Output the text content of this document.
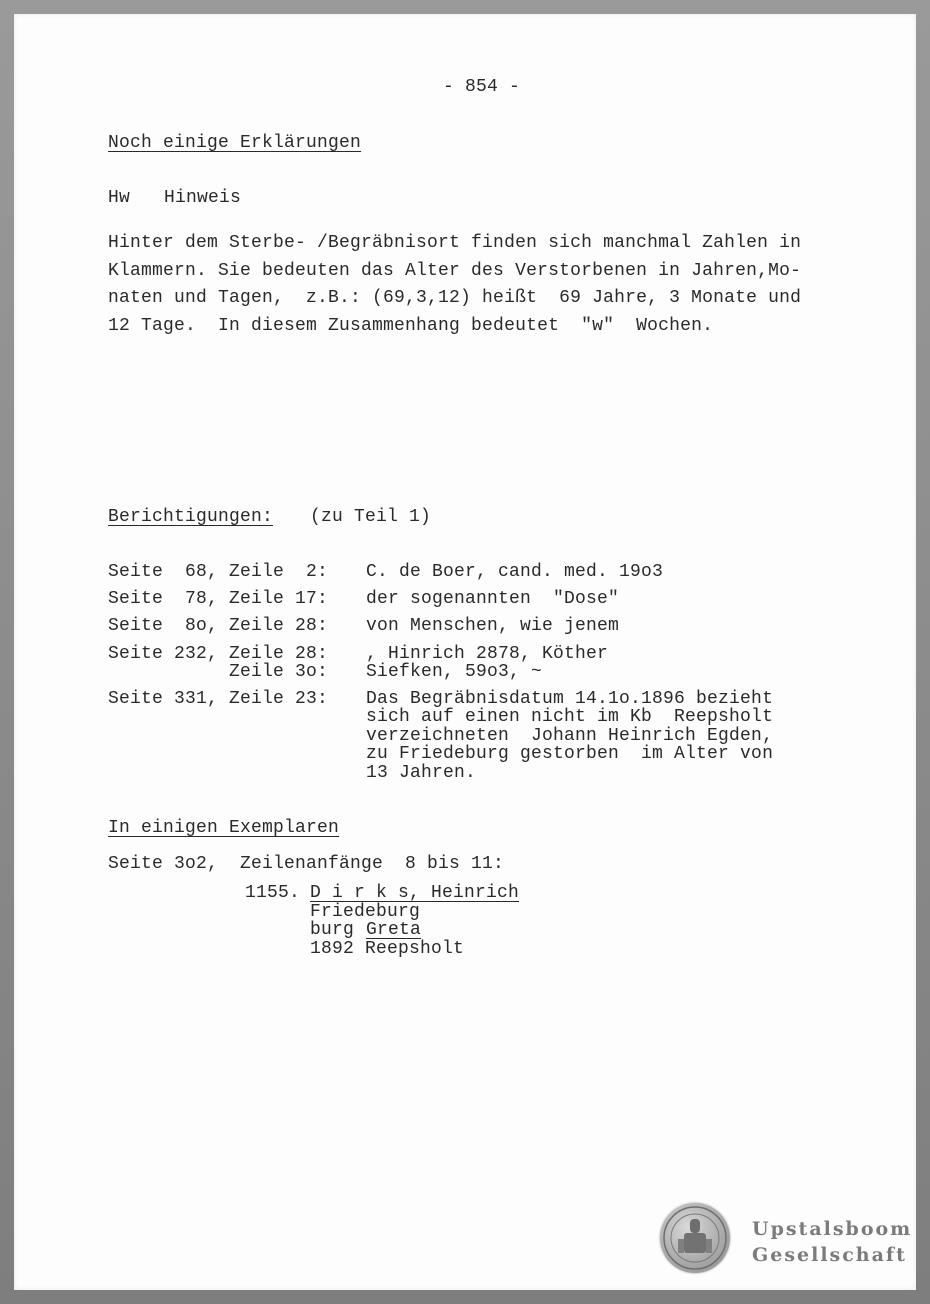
- 854 -
Noch einige Erklärungen
Hw Hinweis
Hinter dem Sterbe- /Begräbnisort finden sich manchmal Zahlen in
Klammern. Sie bedeuten das Alter des Verstorbenen in Jahren,Mo-
naten und Tagen,  z.B.: (69,3,12) heißt  69 Jahre, 3 Monate und
12 Tage.  In diesem Zusammenhang bedeutet  "w"  Wochen.
Berichtigungen: (zu Teil 1)
Seite  68, Zeile  2: C. de Boer, cand. med. 19o3
Seite  78, Zeile 17: der sogenannten  "Dose"
Seite  8o, Zeile 28: von Menschen, wie jenem
Seite 232, Zeile 28: , Hinrich 2878, Köther
Zeile 3o: Siefken, 59o3, ~
Seite 331, Zeile 23: Das Begräbnisdatum 14.1o.1896 bezieht
sich auf einen nicht im Kb  Reepsholt
verzeichneten  Johann Heinrich Egden,
zu Friedeburg gestorben  im Alter von
13 Jahren.
In einigen Exemplaren
Seite 3o2,  Zeilenanfänge  8 bis 11:
1155. D i r k s, Heinrich
Friedeburg
burg Greta
1892 Reepsholt
Upstalsboom
Gesellschaft
